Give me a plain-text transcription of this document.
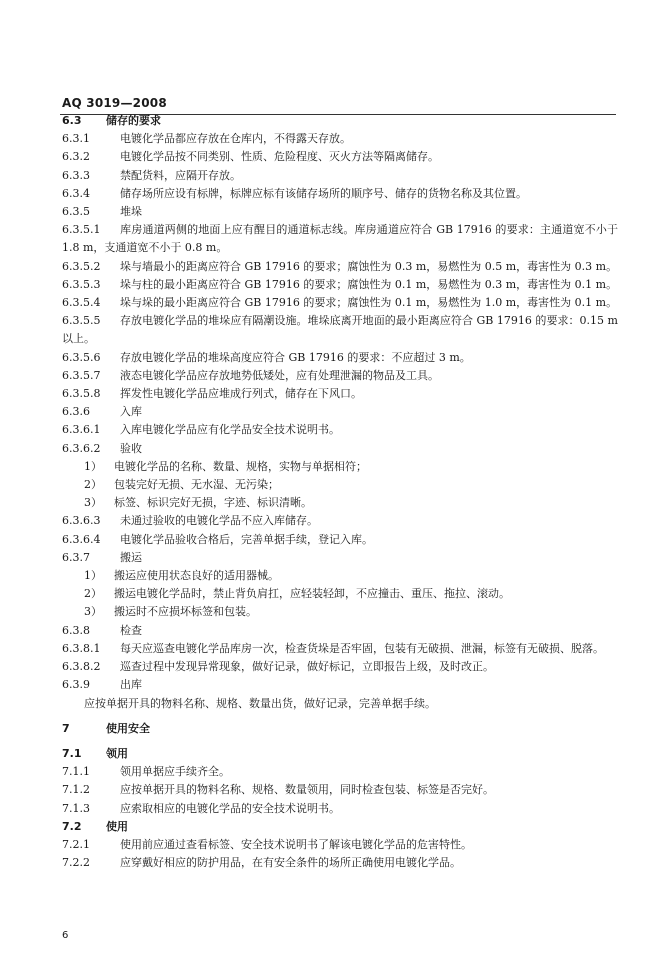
AQ 3019—2008
6.3 储存的要求
6.3.1	电镀化学品都应存放在仓库内，不得露天存放。
6.3.2	电镀化学品按不同类别、性质、危险程度、灭火方法等隔离储存。
6.3.3	禁配货料，应隔开存放。
6.3.4	储存场所应设有标牌，标牌应标有该储存场所的顺序号、储存的货物名称及其位置。
6.3.5	堆垛
6.3.5.1 库房通道两侧的地面上应有醒目的通道标志线。库房通道应符合 GB 17916 的要求：主通道宽不小于 1.8 m，支通道宽不小于 0.8 m。
6.3.5.2 垛与墙最小的距离应符合 GB 17916 的要求；腐蚀性为 0.3 m，易燃性为 0.5 m，毒害性为 0.3 m。
6.3.5.3 垛与柱的最小距离应符合 GB 17916 的要求；腐蚀性为 0.1 m，易燃性为 0.3 m，毒害性为 0.1 m。
6.3.5.4 垛与垛的最小距离应符合 GB 17916 的要求；腐蚀性为 0.1 m，易燃性为 1.0 m，毒害性为 0.1 m。
6.3.5.5 存放电镀化学品的堆垛应有隔潮设施。堆垛底离开地面的最小距离应符合 GB 17916 的要求：0.15 m 以上。
6.3.5.6 存放电镀化学品的堆垛高度应符合 GB 17916 的要求：不应超过 3 m。
6.3.5.7 液态电镀化学品应存放地势低矮处，应有处理泄漏的物品及工具。
6.3.5.8 挥发性电镀化学品应堆成行列式，储存在下风口。
6.3.6	入库
6.3.6.1 入库电镀化学品应有化学品安全技术说明书。
6.3.6.2 验收
1） 电镀化学品的名称、数量、规格，实物与单据相符；
2） 包装完好无损、无水湿、无污染；
3） 标签、标识完好无损，字迹、标识清晰。
6.3.6.3 未通过验收的电镀化学品不应入库储存。
6.3.6.4 电镀化学品验收合格后，完善单据手续，登记入库。
6.3.7	搬运
1） 搬运应使用状态良好的适用器械。
2） 搬运电镀化学品时，禁止背负肩扛，应轻装轻卸，不应撞击、重压、拖拉、滚动。
3） 搬运时不应损坏标签和包装。
6.3.8	检查
6.3.8.1 每天应巡查电镀化学品库房一次，检查货垛是否牢固，包装有无破损、泄漏，标签有无破损、脱落。
6.3.8.2 巡查过程中发现异常现象，做好记录，做好标记，立即报告上级，及时改正。
6.3.9	出库
应按单据开具的物料名称、规格、数量出货，做好记录，完善单据手续。
7	使用安全
7.1 领用
7.1.1	领用单据应手续齐全。
7.1.2	应按单据开具的物料名称、规格、数量领用，同时检查包装、标签是否完好。
7.1.3	应索取相应的电镀化学品的安全技术说明书。
7.2 使用
7.2.1	使用前应通过查看标签、安全技术说明书了解该电镀化学品的危害特性。
7.2.2	应穿戴好相应的防护用品，在有安全条件的场所正确使用电镀化学品。
6
